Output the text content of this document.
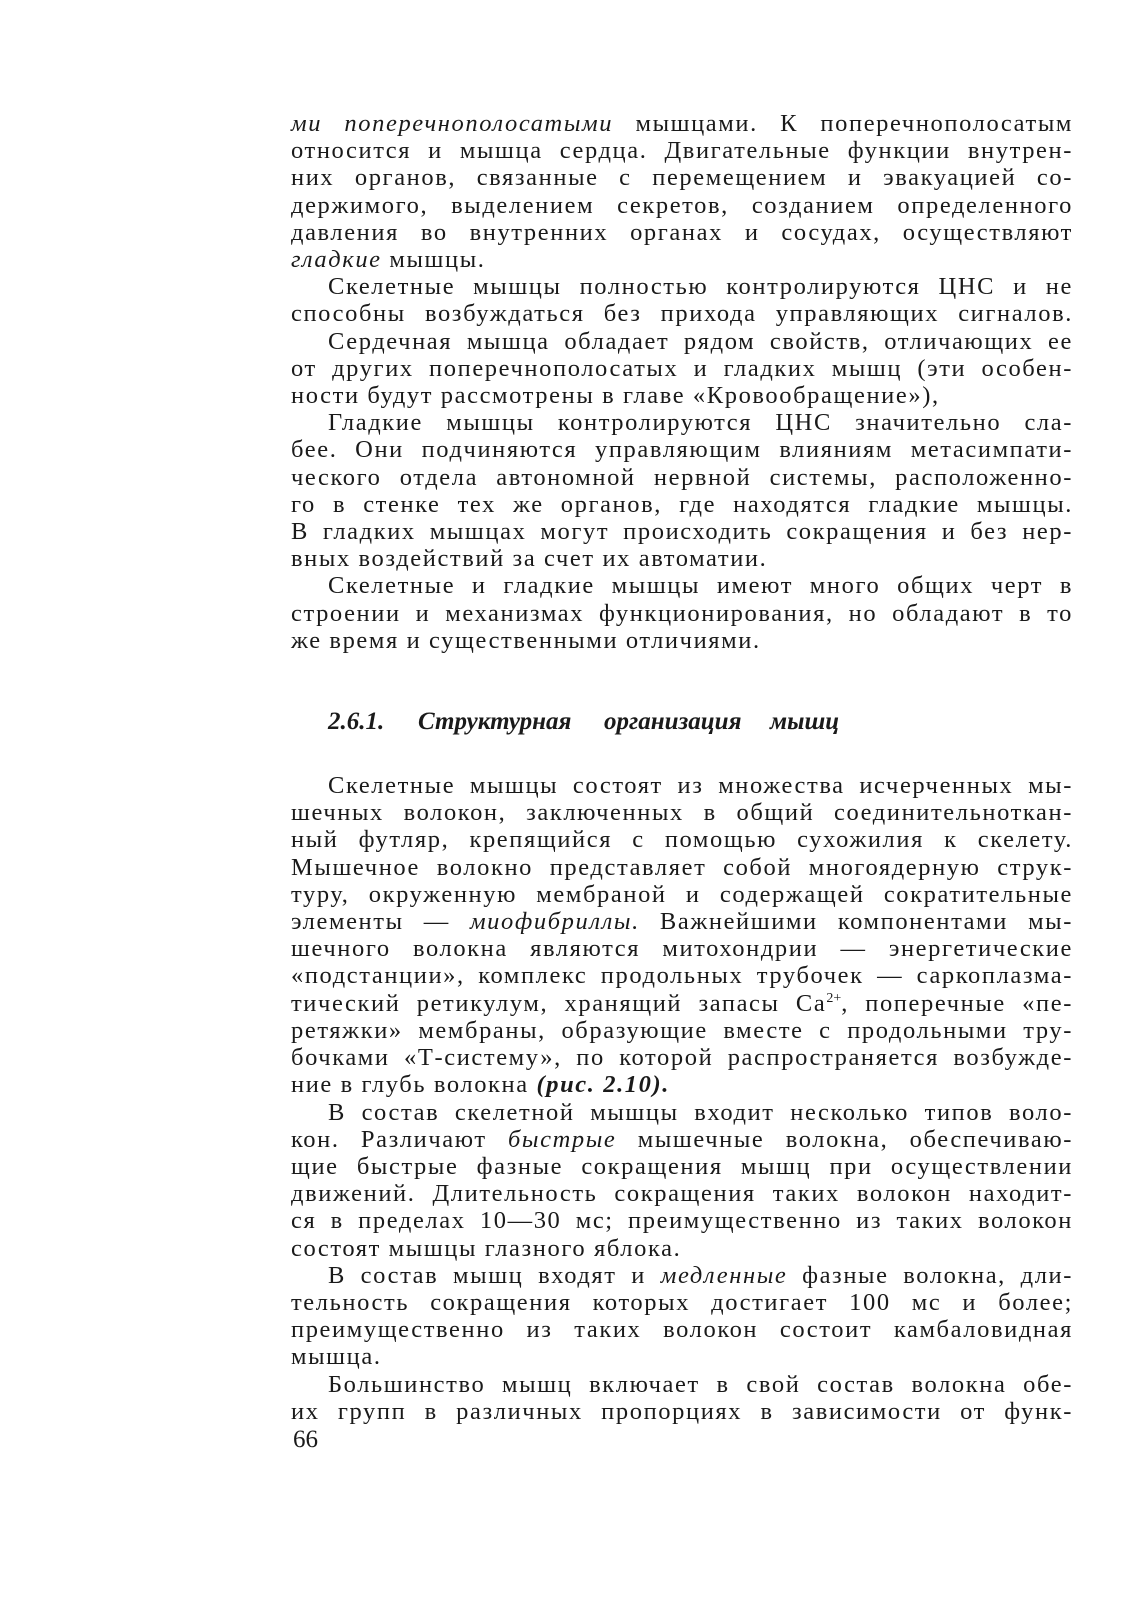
ми поперечнополосатыми мышцами. К поперечнополосатым
относится и мышца сердца. Двигательные функции внутрен-
них органов, связанные с перемещением и эвакуацией со-
держимого, выделением секретов, созданием определенного
давления во внутренних органах и сосудах, осуществляют
гладкие мышцы.
Скелетные мышцы полностью контролируются ЦНС и не
способны возбуждаться без прихода управляющих сигналов.
Сердечная мышца обладает рядом свойств, отличающих ее
от других поперечнополосатых и гладких мышц (эти особен-
ности будут рассмотрены в главе «Кровообращение»),
Гладкие мышцы контролируются ЦНС значительно сла-
бее. Они подчиняются управляющим влияниям метасимпати-
ческого отдела автономной нервной системы, расположенно-
го в стенке тех же органов, где находятся гладкие мышцы.
В гладких мышцах могут происходить сокращения и без нер-
вных воздействий за счет их автоматии.
Скелетные и гладкие мышцы имеют много общих черт в
строении и механизмах функционирования, но обладают в то
же время и существенными отличиями.
2.6.1. Структурная организация мышц
Скелетные мышцы состоят из множества исчерченных мы-
шечных волокон, заключенных в общий соединительноткан-
ный футляр, крепящийся с помощью сухожилия к скелету.
Мышечное волокно представляет собой многоядерную струк-
туру, окруженную мембраной и содержащей сократительные
элементы — миофибриллы. Важнейшими компонентами мы-
шечного волокна являются митохондрии — энергетические
«подстанции», комплекс продольных трубочек — саркоплазма-
тический ретикулум, хранящий запасы $Ca^{2+}$, поперечные «пе-
ретяжки» мембраны, образующие вместе с продольными тру-
бочками «Т-систему», по которой распространяется возбужде-
ние в глубь волокна (рис. 2.10).
В состав скелетной мышцы входит несколько типов воло-
кон. Различают быстрые мышечные волокна, обеспечиваю-
щие быстрые фазные сокращения мышц при осуществлении
движений. Длительность сокращения таких волокон находит-
ся в пределах 10—30 мс; преимущественно из таких волокон
состоят мышцы глазного яблока.
В состав мышц входят и медленные фазные волокна, дли-
тельность сокращения которых достигает 100 мс и более;
преимущественно из таких волокон состоит камбаловидная
мышца.
Большинство мышц включает в свой состав волокна обе-
их групп в различных пропорциях в зависимости от функ-
66
